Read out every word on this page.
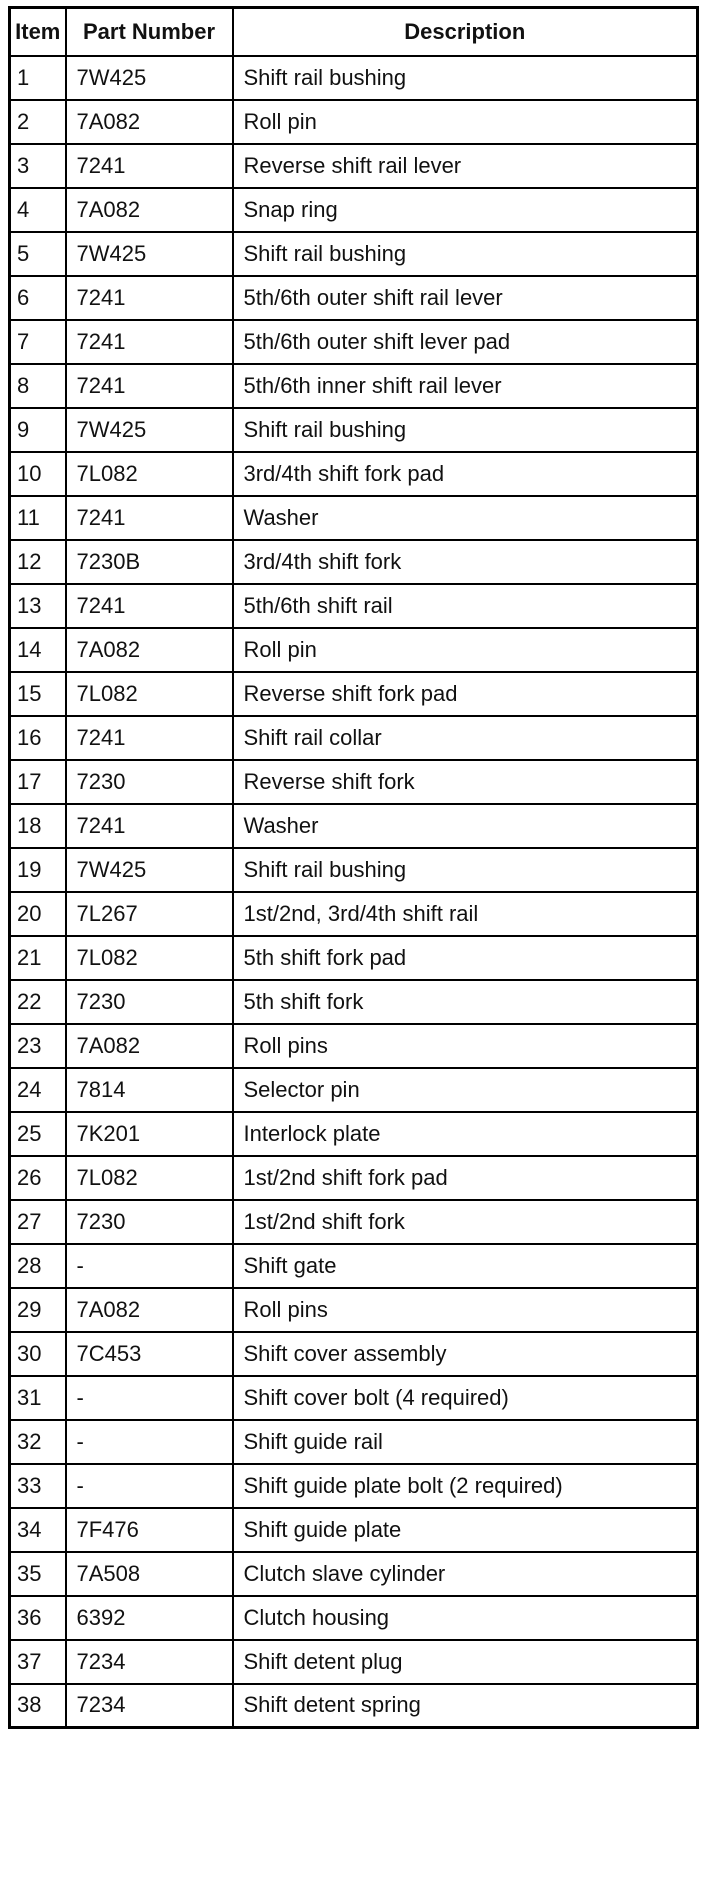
Item	Part Number	Description
1	7W425	Shift rail bushing
2	7A082	Roll pin
3	7241	Reverse shift rail lever
4	7A082	Snap ring
5	7W425	Shift rail bushing
6	7241	5th/6th outer shift rail lever
7	7241	5th/6th outer shift lever pad
8	7241	5th/6th inner shift rail lever
9	7W425	Shift rail bushing
10	7L082	3rd/4th shift fork pad
11	7241	Washer
12	7230B	3rd/4th shift fork
13	7241	5th/6th shift rail
14	7A082	Roll pin
15	7L082	Reverse shift fork pad
16	7241	Shift rail collar
17	7230	Reverse shift fork
18	7241	Washer
19	7W425	Shift rail bushing
20	7L267	1st/2nd, 3rd/4th shift rail
21	7L082	5th shift fork pad
22	7230	5th shift fork
23	7A082	Roll pins
24	7814	Selector pin
25	7K201	Interlock plate
26	7L082	1st/2nd shift fork pad
27	7230	1st/2nd shift fork
28	-	Shift gate
29	7A082	Roll pins
30	7C453	Shift cover assembly
31	-	Shift cover bolt (4 required)
32	-	Shift guide rail
33	-	Shift guide plate bolt (2 required)
34	7F476	Shift guide plate
35	7A508	Clutch slave cylinder
36	6392	Clutch housing
37	7234	Shift detent plug
38	7234	Shift detent spring
